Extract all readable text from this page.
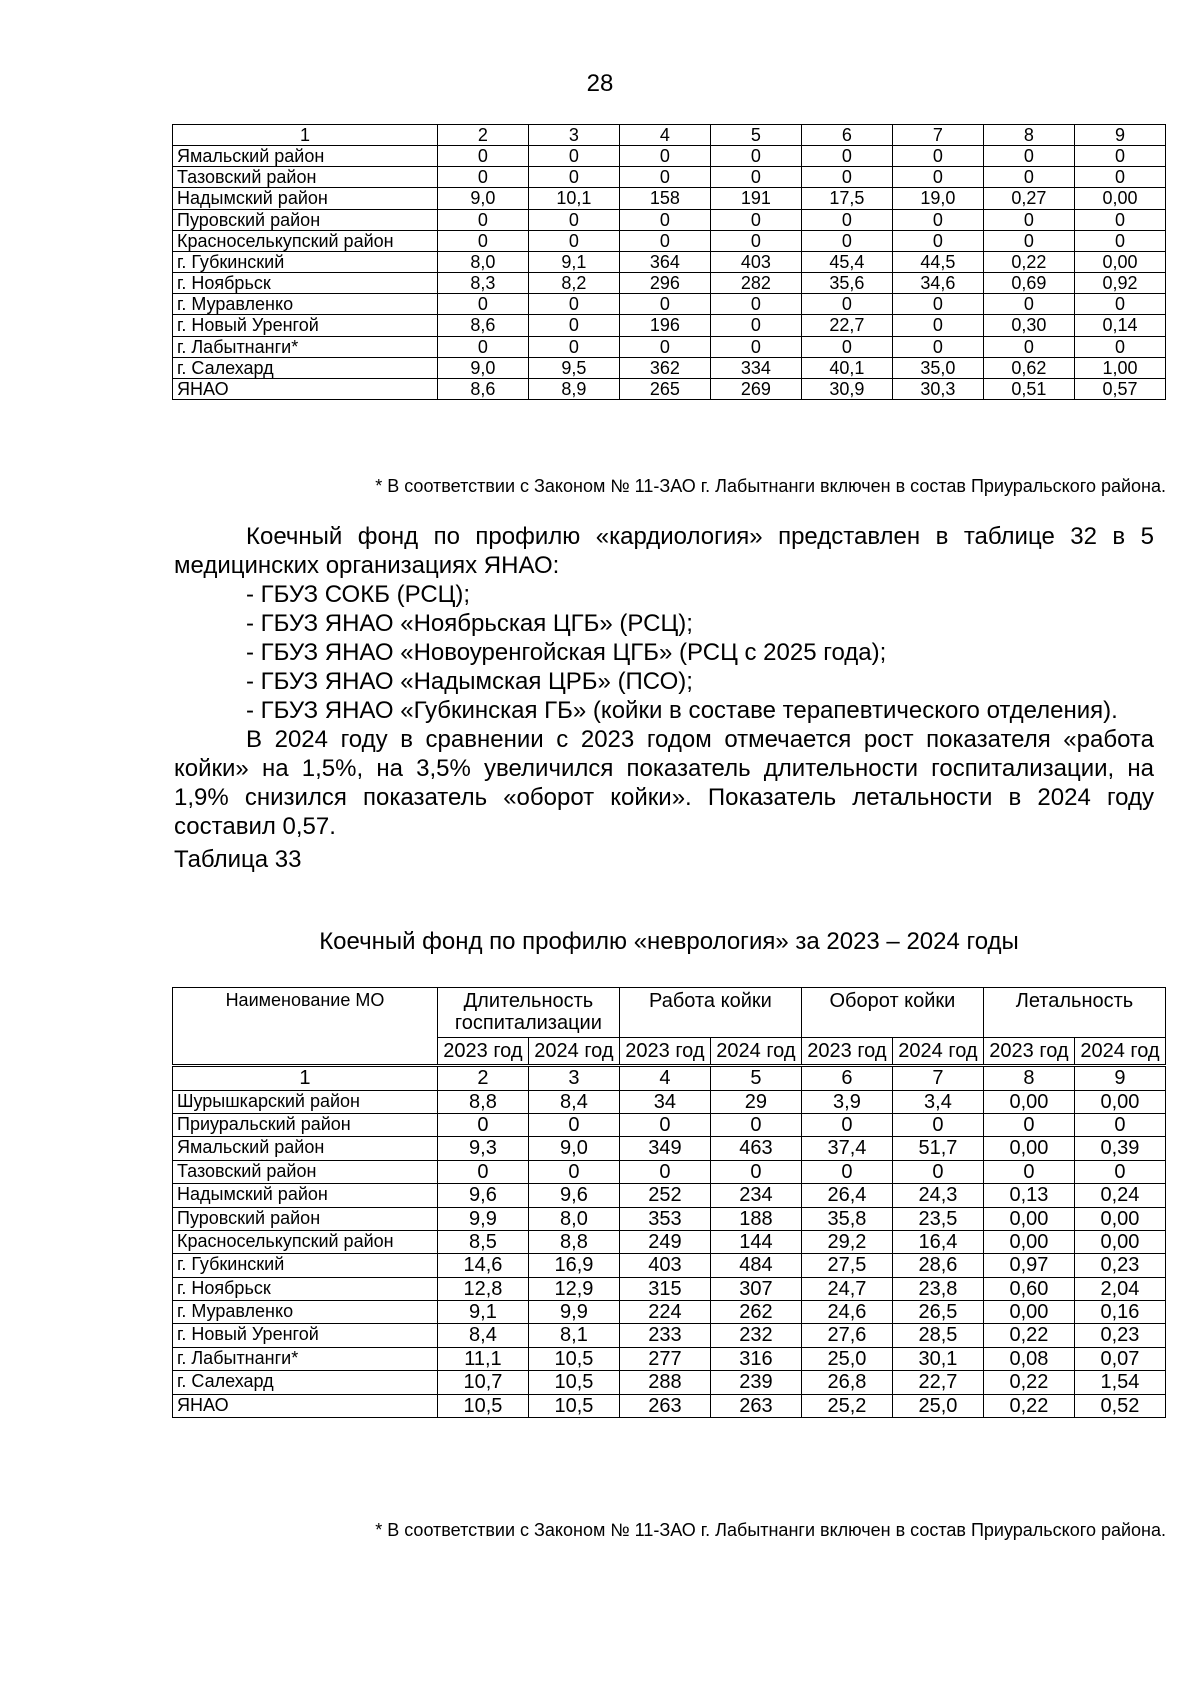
28
1	2	3	4	5	6	7	8	9
Ямальский район	0	0	0	0	0	0	0	0
Тазовский район	0	0	0	0	0	0	0	0
Надымский район	9,0	10,1	158	191	17,5	19,0	0,27	0,00
Пуровский район	0	0	0	0	0	0	0	0
Красноселькупский район	0	0	0	0	0	0	0	0
г. Губкинский	8,0	9,1	364	403	45,4	44,5	0,22	0,00
г. Ноябрьск	8,3	8,2	296	282	35,6	34,6	0,69	0,92
г. Муравленко	0	0	0	0	0	0	0	0
г. Новый Уренгой	8,6	0	196	0	22,7	0	0,30	0,14
г. Лабытнанги*	0	0	0	0	0	0	0	0
г. Салехард	9,0	9,5	362	334	40,1	35,0	0,62	1,00
ЯНАО	8,6	8,9	265	269	30,9	30,3	0,51	0,57
* В соответствии с Законом № 11-ЗАО г. Лабытнанги включен в состав Приуральского района.

Коечный фонд по профилю «кардиология» представлен в таблице 32 в 5 медицинских организациях ЯНАО:

- ГБУЗ СОКБ (РСЦ);

- ГБУЗ ЯНАО «Ноябрьская ЦГБ» (РСЦ);

- ГБУЗ ЯНАО «Новоуренгойская ЦГБ» (РСЦ с 2025 года);

- ГБУЗ ЯНАО «Надымская ЦРБ» (ПСО);

- ГБУЗ ЯНАО «Губкинская ГБ» (койки в составе терапевтического отделения).

В 2024 году в сравнении с 2023 годом отмечается рост показателя «работа койки» на 1,5%, на 3,5% увеличился показатель длительности госпитализации, на 1,9% снизился показатель «оборот койки». Показатель летальности в 2024 году составил 0,57.

Таблица 33

Коечный фонд по профилю «неврология» за 2023 – 2024 годы
Наименование МО	Длительность госпитализации		Работа койки		Оборот койки		Летальность	
	2023 год	2024 год	2023 год	2024 год	2023 год	2024 год	2023 год	2024 год
1	2	3	4	5	6	7	8	9
Шурышкарский район	8,8	8,4	34	29	3,9	3,4	0,00	0,00
Приуральский район	0	0	0	0	0	0	0	0
Ямальский район	9,3	9,0	349	463	37,4	51,7	0,00	0,39
Тазовский район	0	0	0	0	0	0	0	0
Надымский район	9,6	9,6	252	234	26,4	24,3	0,13	0,24
Пуровский район	9,9	8,0	353	188	35,8	23,5	0,00	0,00
Красноселькупский район	8,5	8,8	249	144	29,2	16,4	0,00	0,00
г. Губкинский	14,6	16,9	403	484	27,5	28,6	0,97	0,23
г. Ноябрьск	12,8	12,9	315	307	24,7	23,8	0,60	2,04
г. Муравленко	9,1	9,9	224	262	24,6	26,5	0,00	0,16
г. Новый Уренгой	8,4	8,1	233	232	27,6	28,5	0,22	0,23
г. Лабытнанги*	11,1	10,5	277	316	25,0	30,1	0,08	0,07
г. Салехард	10,7	10,5	288	239	26,8	22,7	0,22	1,54
ЯНАО	10,5	10,5	263	263	25,2	25,0	0,22	0,52
* В соответствии с Законом № 11-ЗАО г. Лабытнанги включен в состав Приуральского района.
